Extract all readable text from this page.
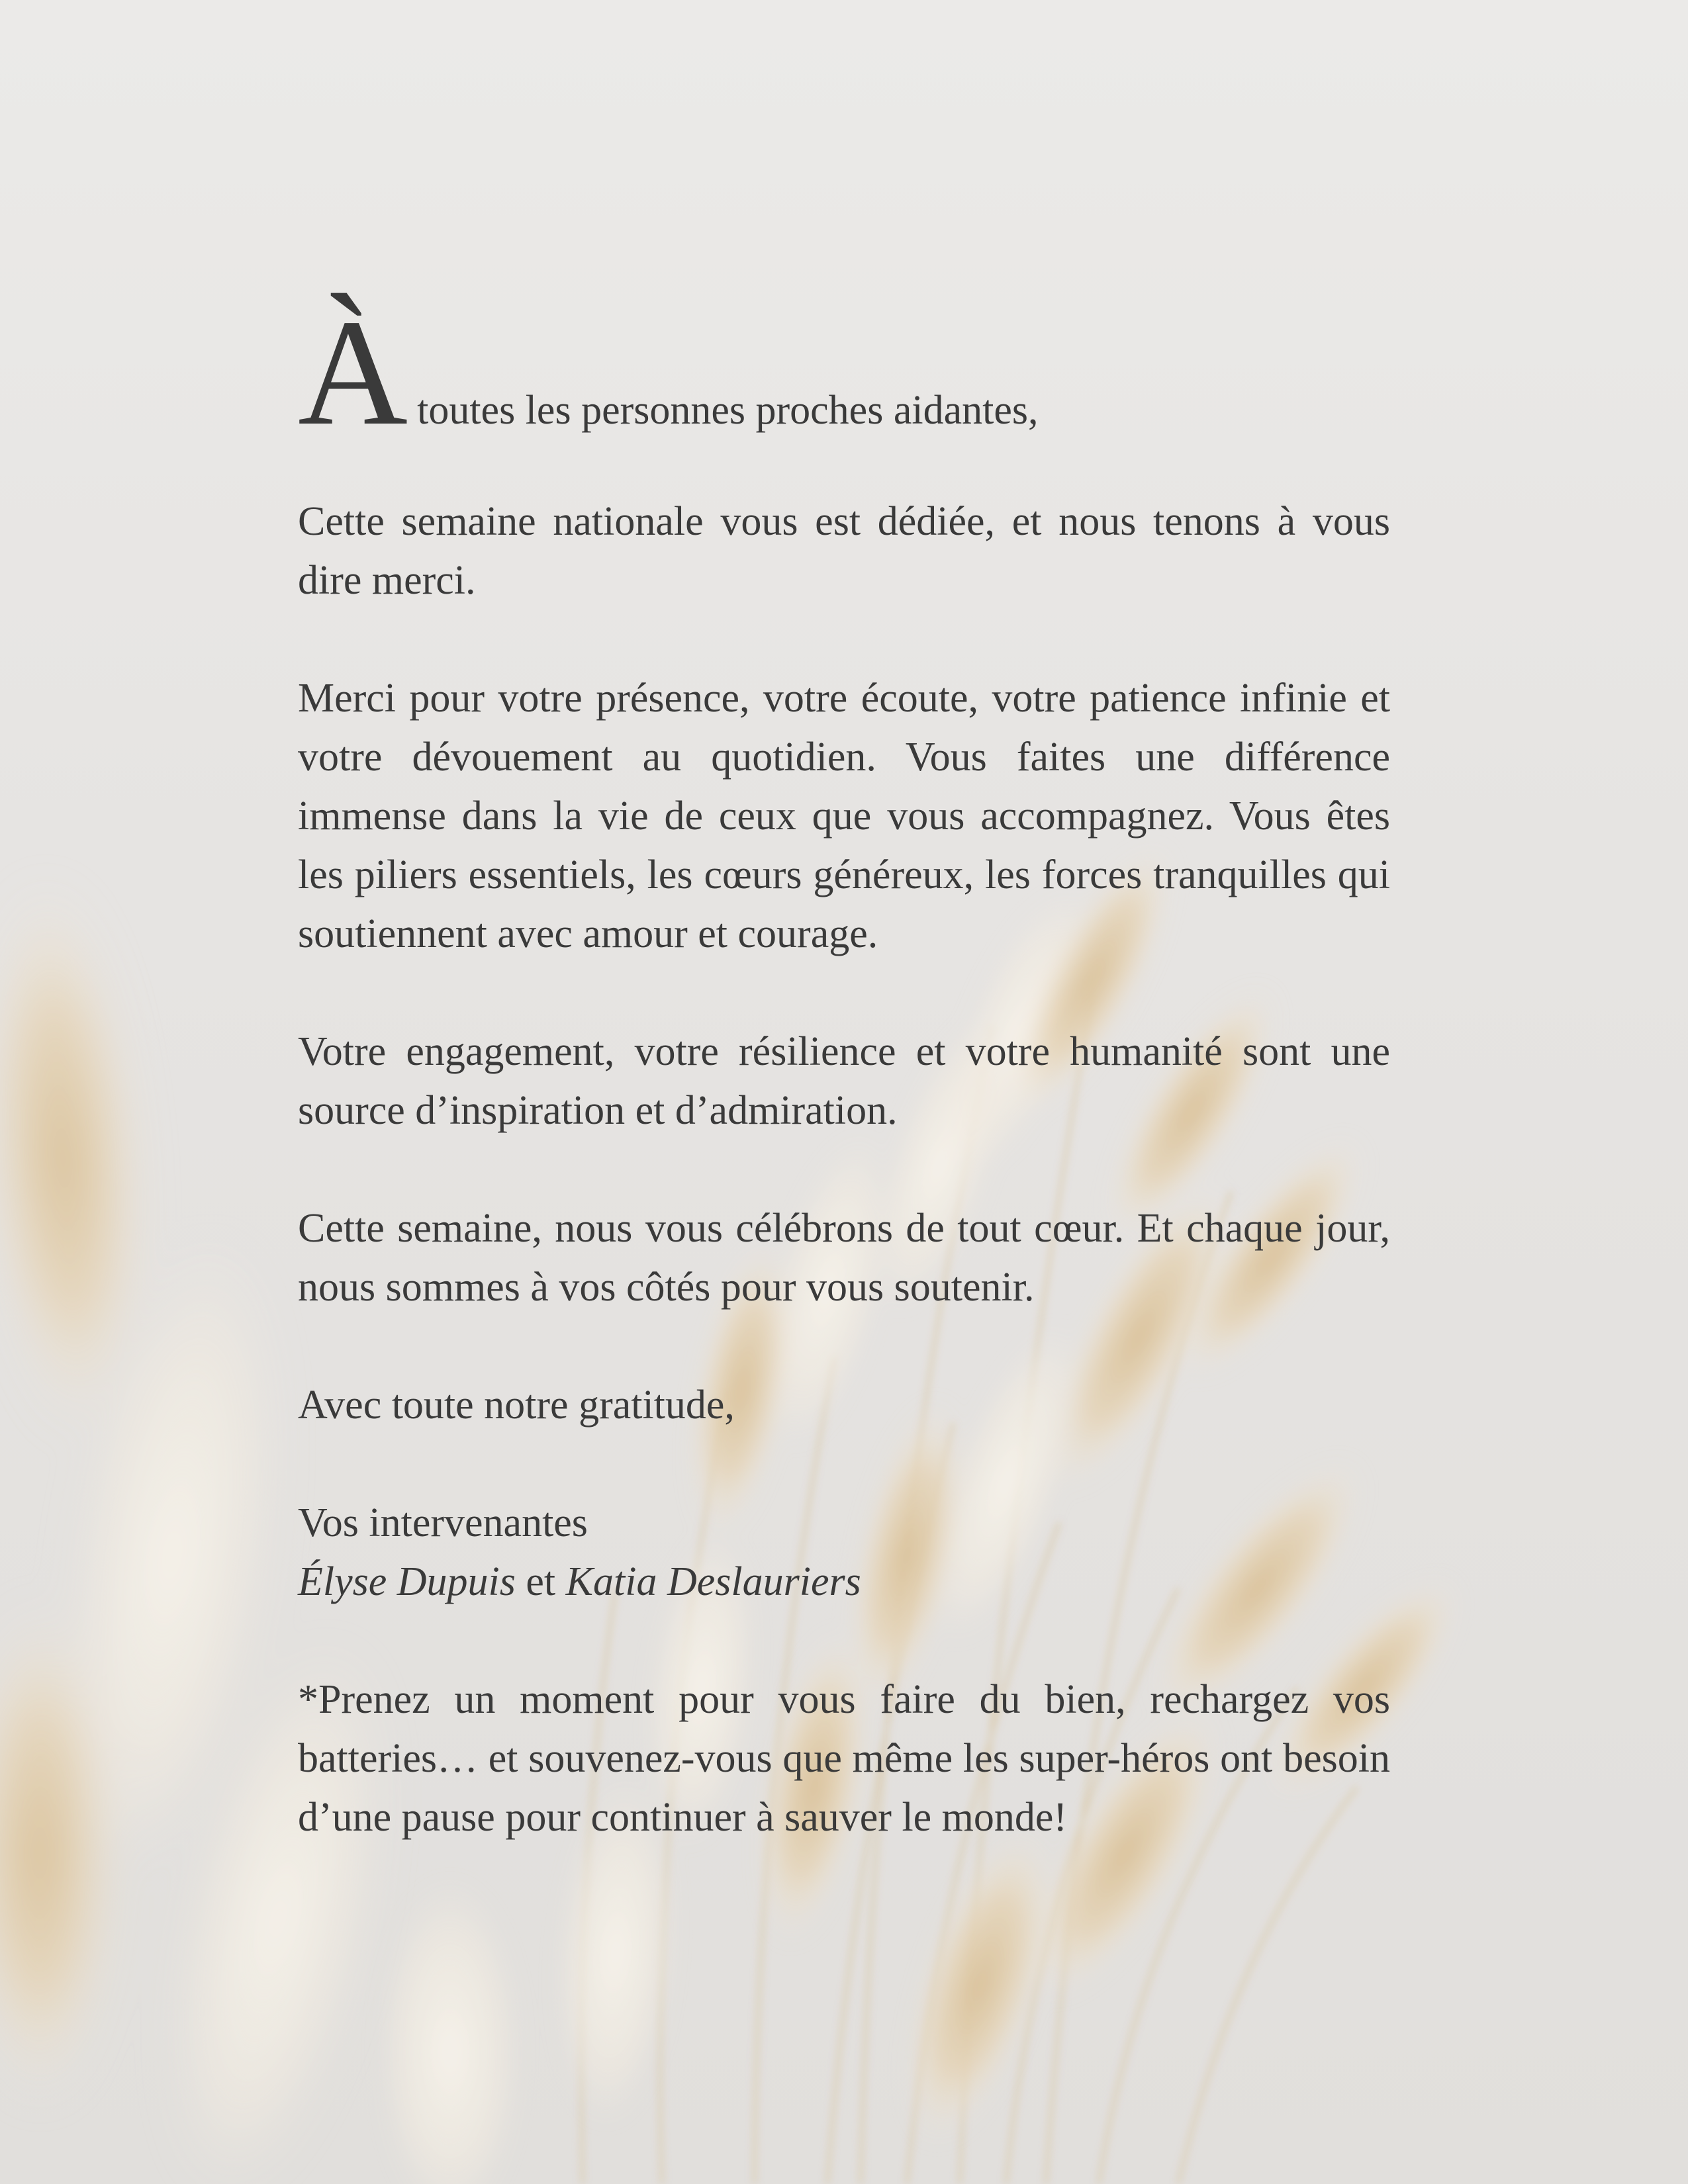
À toutes les personnes proches aidantes,

Cette semaine nationale vous est dédiée, et nous tenons à vous dire merci.

Merci pour votre présence, votre écoute, votre patience infinie et votre dévouement au quotidien. Vous faites une différence immense dans la vie de ceux que vous accompagnez. Vous êtes les piliers essentiels, les cœurs généreux, les forces tranquilles qui soutiennent avec amour et courage.

Votre engagement, votre résilience et votre humanité sont une source d’inspiration et d’admiration.

Cette semaine, nous vous célébrons de tout cœur. Et chaque jour, nous sommes à vos côtés pour vous soutenir.

Avec toute notre gratitude,

Vos intervenantes
Élyse Dupuis et Katia Deslauriers

*Prenez un moment pour vous faire du bien, rechargez vos batteries… et souvenez-vous que même les super-héros ont besoin d’une pause pour continuer à sauver le monde!
